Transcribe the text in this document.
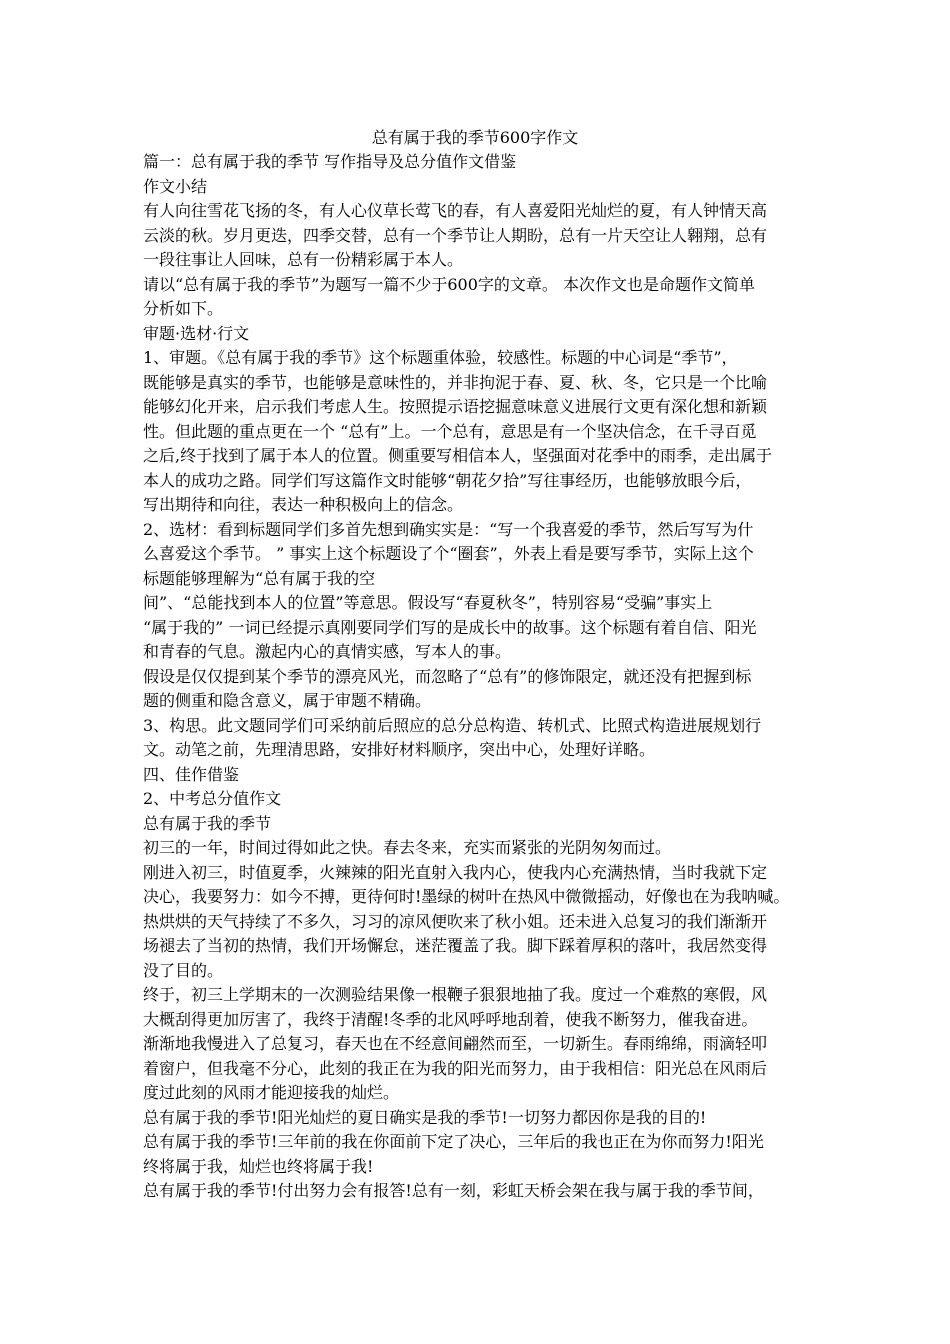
总有属于我的季节600字作文
篇一：总有属于我的季节 写作指导及总分值作文借鉴
作文小结
有人向往雪花飞扬的冬，有人心仪草长莺飞的春，有人喜爱阳光灿烂的夏，有人钟情天高
云淡的秋。岁月更迭，四季交替，总有一个季节让人期盼，总有一片天空让人翱翔，总有
一段往事让人回味，总有一份精彩属于本人。
请以“总有属于我的季节”为题写一篇不少于600字的文章。 本次作文也是命题作文简单
分析如下。
审题·选材·行文
1、审题。《总有属于我的季节》这个标题重体验，较感性。标题的中心词是“季节”，
既能够是真实的季节，也能够是意味性的，并非拘泥于春、夏、秋、冬，它只是一个比喻
能够幻化开来，启示我们考虑人生。按照提示语挖掘意味意义进展行文更有深化想和新颖
性。但此题的重点更在一个 “总有”上。一个总有，意思是有一个坚决信念，在千寻百觅
之后,终于找到了属于本人的位置。侧重要写相信本人，坚强面对花季中的雨季，走出属于
本人的成功之路。同学们写这篇作文时能够“朝花夕拾”写往事经历，也能够放眼今后，
写出期待和向往，表达一种积极向上的信念。
2、选材：看到标题同学们多首先想到确实实是：“写一个我喜爱的季节，然后写写为什
么喜爱这个季节。 ” 事实上这个标题设了个“圈套”，外表上看是要写季节，实际上这个
标题能够理解为“总有属于我的空
间”、“总能找到本人的位置”等意思。假设写“春夏秋冬”，特别容易“受骗”事实上
“属于我的” 一词已经提示真刚要同学们写的是成长中的故事。这个标题有着自信、阳光
和青春的气息。激起内心的真情实感，写本人的事。
假设是仅仅提到某个季节的漂亮风光，而忽略了“总有”的修饰限定，就还没有把握到标
题的侧重和隐含意义，属于审题不精确。
3、构思。此文题同学们可采纳前后照应的总分总构造、转机式、比照式构造进展规划行
文。动笔之前，先理清思路，安排好材料顺序，突出中心，处理好详略。
四、佳作借鉴
2、中考总分值作文
总有属于我的季节
初三的一年，时间过得如此之快。春去冬来，充实而紧张的光阴匆匆而过。
刚进入初三，时值夏季，火辣辣的阳光直射入我内心，使我内心充满热情，当时我就下定
决心，我要努力：如今不搏，更待何时!墨绿的树叶在热风中微微摇动，好像也在为我呐喊。
热烘烘的天气持续了不多久，习习的凉风便吹来了秋小姐。还未进入总复习的我们渐渐开
场褪去了当初的热情，我们开场懈怠，迷茫覆盖了我。脚下踩着厚积的落叶，我居然变得
没了目的。
终于，初三上学期末的一次测验结果像一根鞭子狠狠地抽了我。度过一个难熬的寒假，风
大概刮得更加厉害了，我终于清醒!冬季的北风呼呼地刮着，使我不断努力，催我奋进。
渐渐地我慢进入了总复习，春天也在不经意间翩然而至，一切新生。春雨绵绵，雨滴轻叩
着窗户，但我毫不分心，此刻的我正在为我的阳光而努力，由于我相信：阳光总在风雨后
度过此刻的风雨才能迎接我的灿烂。
总有属于我的季节!阳光灿烂的夏日确实是我的季节!一切努力都因你是我的目的!
总有属于我的季节!三年前的我在你面前下定了决心，三年后的我也正在为你而努力!阳光
终将属于我，灿烂也终将属于我!
总有属于我的季节!付出努力会有报答!总有一刻，彩虹天桥会架在我与属于我的季节间，
